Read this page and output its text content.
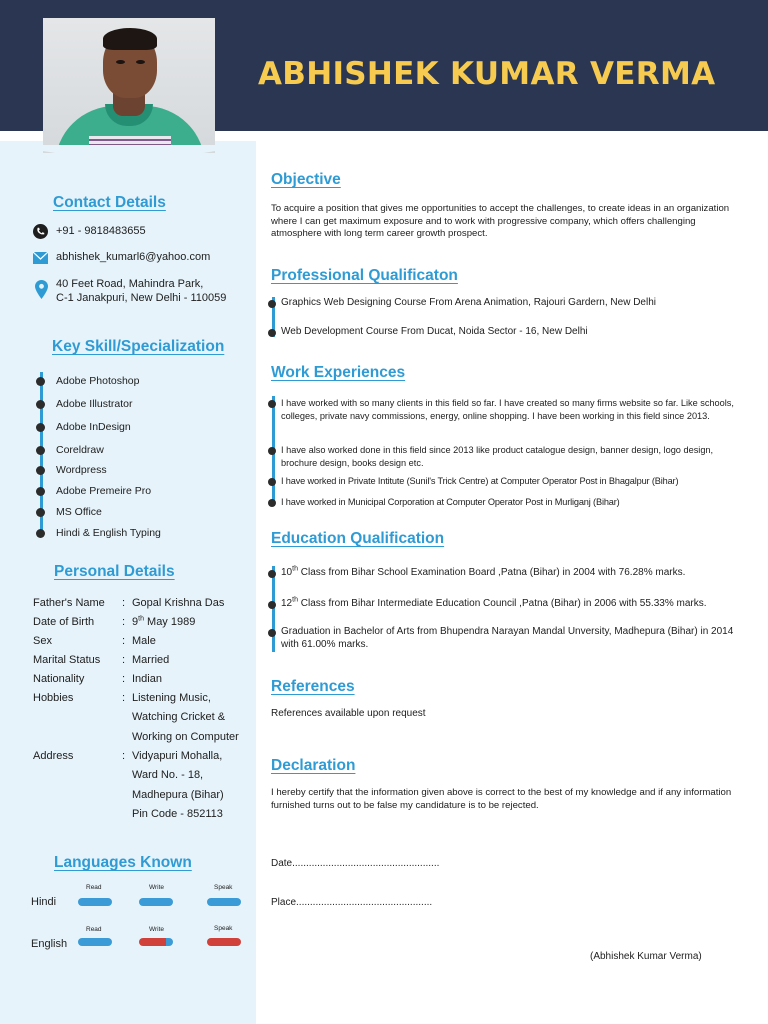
ABHISHEK KUMAR VERMA
Contact Details
+91 - 9818483655
abhishek_kumarl6@yahoo.com
40 Feet Road, Mahindra Park,
C-1 Janakpuri, New Delhi - 110059
Key Skill/Specialization
Adobe Photoshop
Adobe Illustrator
Adobe InDesign
Coreldraw
Wordpress
Adobe Premeire Pro
MS Office
Hindi & English Typing
Personal Details
Father's Name : Gopal Krishna Das
Date of Birth	: 9th May 1989
Sex	: Male
Marital Status : Married
Nationality	: Indian
Hobbies	: Listening Music,
Watching Cricket &
Working on Computer
Address	: Vidyapuri Mohalla,
Ward No. - 18,
Madhepura (Bihar)
Pin Code - 852113
Languages Known
Read	Write	Speak
Hindi
Read	Write	Speak
English
Objective
To acquire a position that gives me opportunities to accept the challenges, to create ideas in an organization where I can get maximum exposure and to work with progressive company, which offers challenging atmosphere with long term career growth prospect.
Professional Qualificaton
Graphics Web Designing Course From Arena Animation, Rajouri Gardern, New Delhi
Web Development Course From Ducat, Noida Sector - 16, New Delhi
Work Experiences
I have worked with so many clients in this field so far. I have created so many firms website so far. Like schools, colleges, private navy commissions, energy, online shopping. I have been working in this field since 2013.
I have also worked done in this field since 2013 like product catalogue design, banner design, logo design, brochure design, books design etc.
I have worked in Private Intitute (Sunil's Trick Centre) at Computer Operator Post in Bhagalpur (Bihar)
I have worked in Municipal Corporation at Computer Operator Post in Murliganj (Bihar)
Education Qualification
10th Class from Bihar School Examination Board ,Patna (Bihar) in 2004 with 76.28% marks.
12th Class from Bihar Intermediate Education Council ,Patna (Bihar) in 2006 with 55.33% marks.
Graduation in Bachelor of Arts from Bhupendra Narayan Mandal Unversity, Madhepura (Bihar) in 2014 with 61.00% marks.
References
References available upon request
Declaration
I hereby certify that the information given above is correct to the best of my knowledge and if any information furnished turns out to be false my candidature is to be rejected.
Date.....................................................
Place.................................................
(Abhishek Kumar Verma)
